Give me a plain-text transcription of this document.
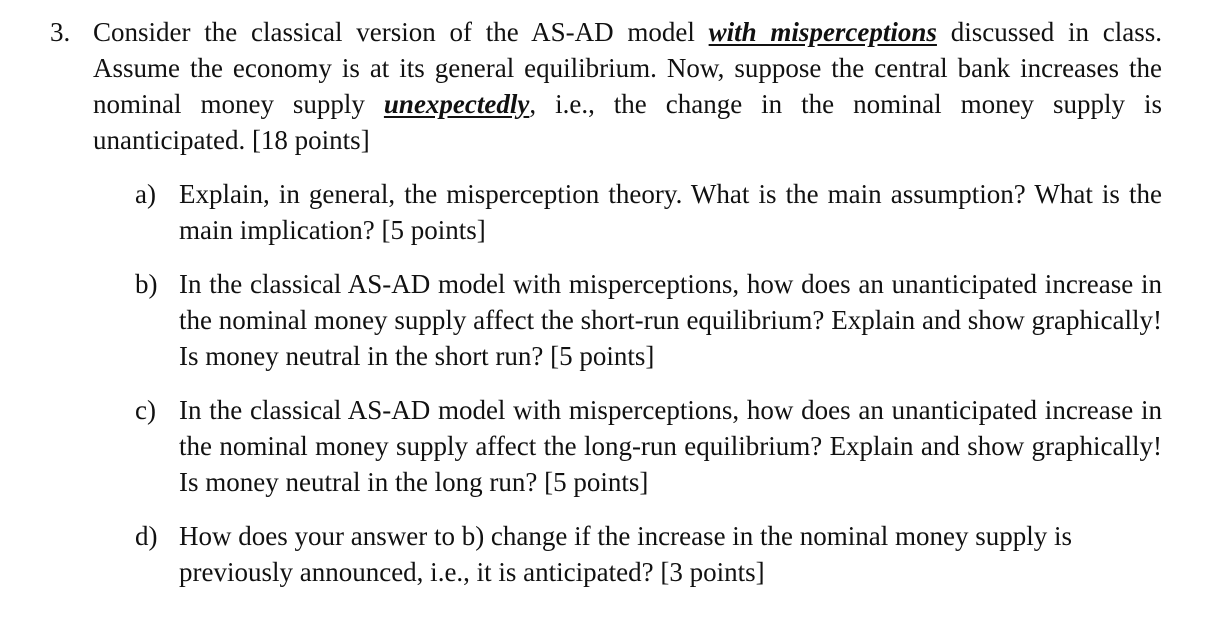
3. Consider the classical version of the AS-AD model with misperceptions discussed in class. Assume the economy is at its general equilibrium. Now, suppose the central bank increases the nominal money supply unexpectedly, i.e., the change in the nominal money supply is unanticipated. [18 points]
a) Explain, in general, the misperception theory. What is the main assumption? What is the main implication? [5 points]
b) In the classical AS-AD model with misperceptions, how does an unanticipated increase in the nominal money supply affect the short-run equilibrium? Explain and show graphically! Is money neutral in the short run? [5 points]
c) In the classical AS-AD model with misperceptions, how does an unanticipated increase in the nominal money supply affect the long-run equilibrium? Explain and show graphically! Is money neutral in the long run? [5 points]
d) How does your answer to b) change if the increase in the nominal money supply is previously announced, i.e., it is anticipated? [3 points]
